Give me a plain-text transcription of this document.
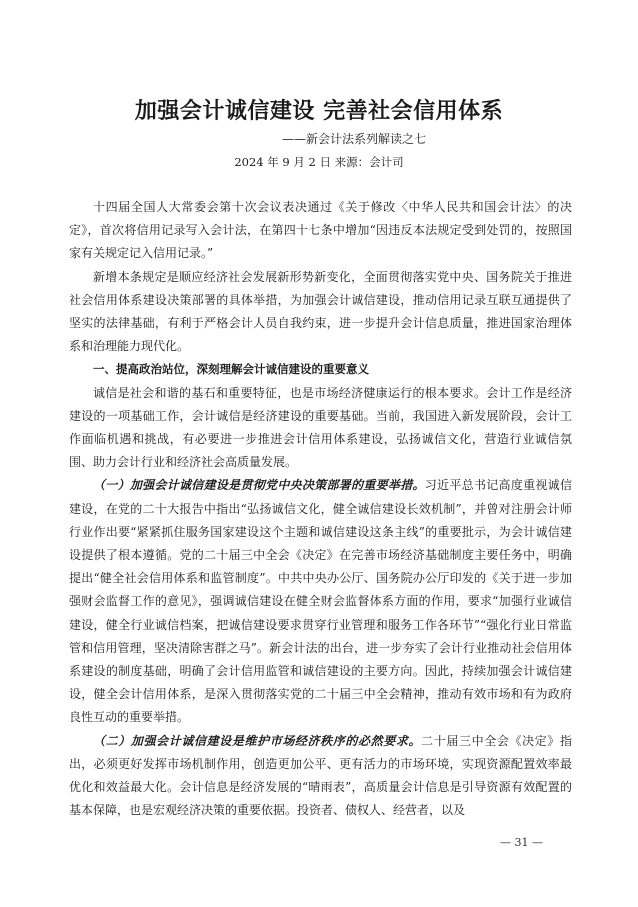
加强会计诚信建设 完善社会信用体系
——新会计法系列解读之七
2024 年 9 月 2 日 来源：会计司

十四届全国人大常委会第十次会议表决通过《关于修改〈中华人民共和国会计法〉的决定》，首次将信用记录写入会计法，在第四十七条中增加“因违反本法规定受到处罚的，按照国家有关规定记入信用记录。”

新增本条规定是顺应经济社会发展新形势新变化，全面贯彻落实党中央、国务院关于推进社会信用体系建设决策部署的具体举措，为加强会计诚信建设，推动信用记录互联互通提供了坚实的法律基础，有利于严格会计人员自我约束，进一步提升会计信息质量，推进国家治理体系和治理能力现代化。

一、提高政治站位，深刻理解会计诚信建设的重要意义

诚信是社会和谐的基石和重要特征，也是市场经济健康运行的根本要求。会计工作是经济建设的一项基础工作，会计诚信是经济建设的重要基础。当前，我国进入新发展阶段，会计工作面临机遇和挑战，有必要进一步推进会计信用体系建设，弘扬诚信文化，营造行业诚信氛围、助力会计行业和经济社会高质量发展。

（一）加强会计诚信建设是贯彻党中央决策部署的重要举措。习近平总书记高度重视诚信建设，在党的二十大报告中指出“弘扬诚信文化，健全诚信建设长效机制”，并曾对注册会计师行业作出要“紧紧抓住服务国家建设这个主题和诚信建设这条主线”的重要批示，为会计诚信建设提供了根本遵循。党的二十届三中全会《决定》在完善市场经济基础制度主要任务中，明确提出“健全社会信用体系和监管制度”。中共中央办公厅、国务院办公厅印发的《关于进一步加强财会监督工作的意见》，强调诚信建设在健全财会监督体系方面的作用，要求“加强行业诚信建设，健全行业诚信档案，把诚信建设要求贯穿行业管理和服务工作各环节”“强化行业日常监管和信用管理，坚决清除害群之马”。新会计法的出台，进一步夯实了会计行业推动社会信用体系建设的制度基础，明确了会计信用监管和诚信建设的主要方向。因此，持续加强会计诚信建设，健全会计信用体系，是深入贯彻落实党的二十届三中全会精神，推动有效市场和有为政府良性互动的重要举措。

（二）加强会计诚信建设是维护市场经济秩序的必然要求。二十届三中全会《决定》指出，必须更好发挥市场机制作用，创造更加公平、更有活力的市场环境，实现资源配置效率最优化和效益最大化。会计信息是经济发展的“晴雨表”，高质量会计信息是引导资源有效配置的基本保障，也是宏观经济决策的重要依据。投资者、债权人、经营者，以及

— 31 —
